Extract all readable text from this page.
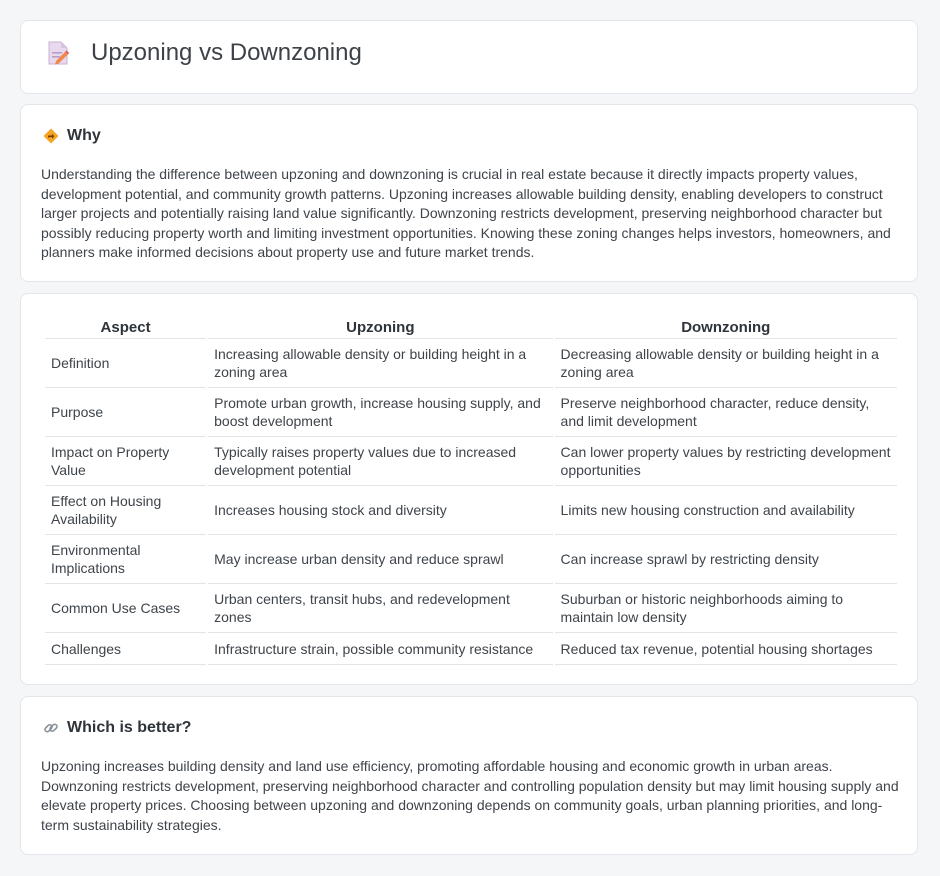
Upzoning vs Downzoning
Why

Understanding the difference between upzoning and downzoning is crucial in real estate because it directly impacts property values, development potential, and community growth patterns. Upzoning increases allowable building density, enabling developers to construct larger projects and potentially raising land value significantly. Downzoning restricts development, preserving neighborhood character but possibly reducing property worth and limiting investment opportunities. Knowing these zoning changes helps investors, homeowners, and planners make informed decisions about property use and future market trends.

Aspect	Upzoning	Downzoning
Definition	Increasing allowable density or building height in a zoning area	Decreasing allowable density or building height in a zoning area
Purpose	Promote urban growth, increase housing supply, and boost development	Preserve neighborhood character, reduce density, and limit development
Impact on Property Value	Typically raises property values due to increased development potential	Can lower property values by restricting development opportunities
Effect on Housing Availability	Increases housing stock and diversity	Limits new housing construction and availability
Environmental Implications	May increase urban density and reduce sprawl	Can increase sprawl by restricting density
Common Use Cases	Urban centers, transit hubs, and redevelopment zones	Suburban or historic neighborhoods aiming to maintain low density
Challenges	Infrastructure strain, possible community resistance	Reduced tax revenue, potential housing shortages
Which is better?

Upzoning increases building density and land use efficiency, promoting affordable housing and economic growth in urban areas. Downzoning restricts development, preserving neighborhood character and controlling population density but may limit housing supply and elevate property prices. Choosing between upzoning and downzoning depends on community goals, urban planning priorities, and long-term sustainability strategies.
